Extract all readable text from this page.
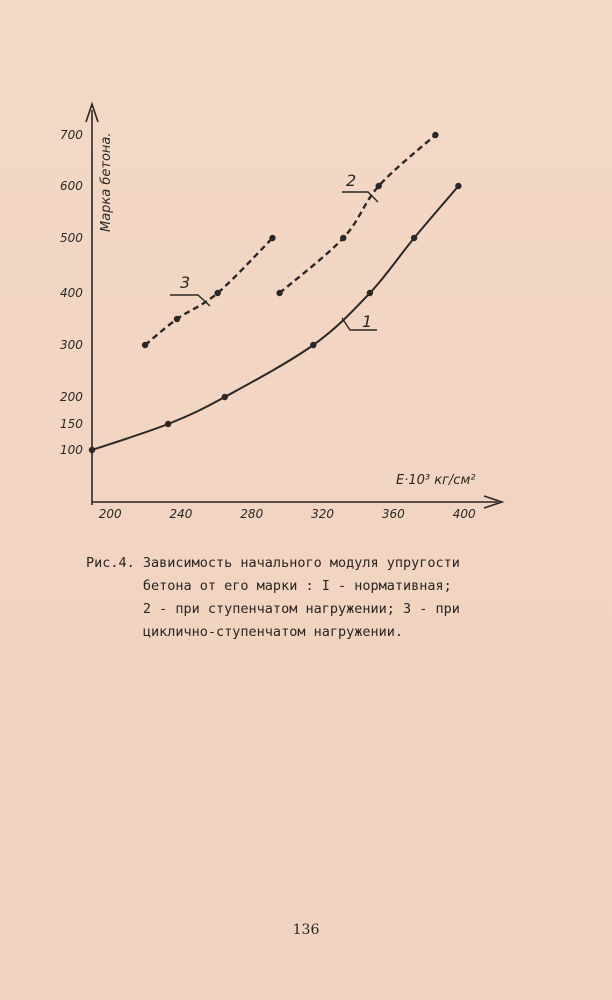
100
150
200
300
400
500
600
700
200	240	280	320	360	400
Марка бетона.
E·10³ кг/см²
1
2
3
Рис.4. Зависимость начального модуля упругости
бетона от его марки : I - нормативная;
2 - при ступенчатом нагружении; 3 - при
циклично-ступенчатом нагружении.
136
